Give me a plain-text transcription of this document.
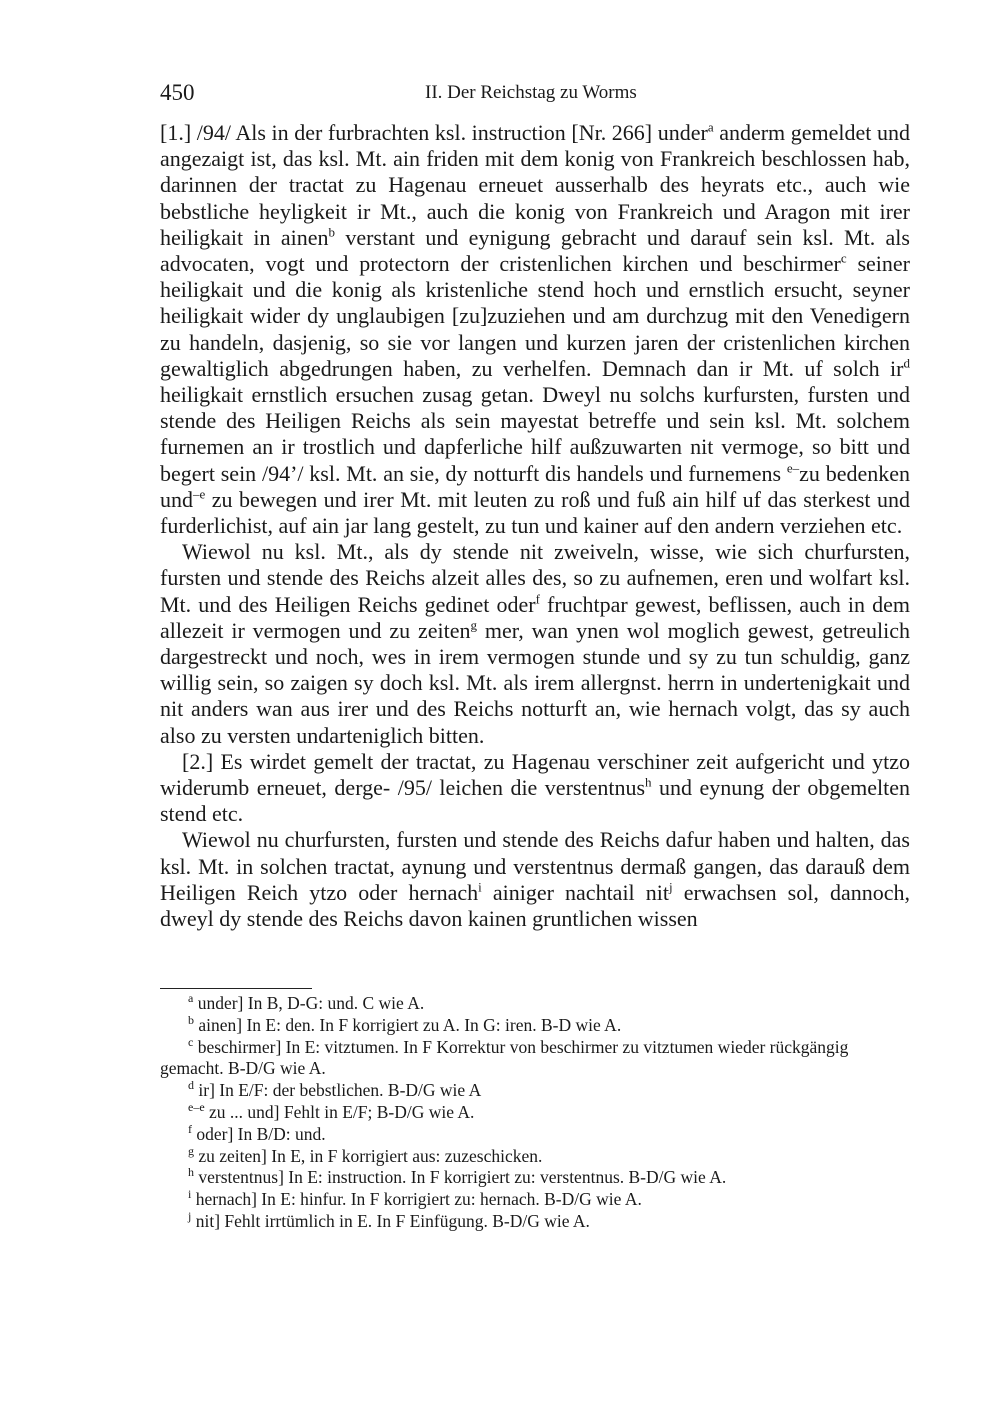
450	II. Der Reichstag zu Worms

[1.] /94/ Als in der furbrachten ksl. instruction [Nr. 266] under$^a$ anderm gemeldet und angezaigt ist, das ksl. Mt. ain friden mit dem konig von Frankreich beschlossen hab, darinnen der tractat zu Hagenau erneuet ausserhalb des heyrats etc., auch wie bebstliche heyligkeit ir Mt., auch die konig von Frankreich und Aragon mit irer heiligkait in ainen$^b$ verstant und eynigung gebracht und darauf sein ksl. Mt. als advocaten, vogt und protectorn der cristenlichen kirchen und beschirmer$^c$ seiner heiligkait und die konig als kristenliche stend hoch und ernstlich ersucht, seyner heiligkait wider dy unglaubigen [zu]zuziehen und am durchzug mit den Venedigern zu handeln, dasjenig, so sie vor langen und kurzen jaren der cristenlichen kirchen gewaltiglich abgedrungen haben, zu verhelfen. Demnach dan ir Mt. uf solch $ir^d$ heiligkait ernstlich ersuchen zusag getan. Dweyl nu solchs kurfursten, fursten und stende des Heiligen Reichs als sein mayestat betreffe und sein ksl. Mt. solchem furnemen an ir trostlich und dapferliche hilf außzuwarten nit vermoge, so bitt und begert sein /94’/ ksl. Mt. an sie, dy notturft dis handels und furnemens $^{e-}$zu bedenken und$^{-e}$ zu bewegen und irer Mt. mit leuten zu roß und fuß ain hilf uf das sterkest und furderlichist, auf ain jar lang gestelt, zu tun und kainer auf den andern verziehen etc.

Wiewol nu ksl. Mt., als dy stende nit zweiveln, wisse, wie sich churfursten, fursten und stende des Reichs alzeit alles des, so zu aufnemen, eren und wolfart ksl. Mt. und des Heiligen Reichs gedinet oder$^f$ fruchtpar gewest, beflissen, auch in dem allezeit ir vermogen und zu zeiten$^g$ mer, wan ynen wol moglich gewest, getreulich dargestreckt und noch, wes in irem vermogen stunde und sy zu tun schuldig, ganz willig sein, so zaigen sy doch ksl. Mt. als irem allergnst. herrn in undertenigkait und nit anders wan aus irer und des Reichs notturft an, wie hernach volgt, das sy auch also zu versten undarteniglich bitten.

[2.] Es wirdet gemelt der tractat, zu Hagenau verschiner zeit aufgericht und ytzo widerumb erneuet, derge- /95/ leichen die verstentnus$^h$ und eynung der obgemelten stend etc.

Wiewol nu churfursten, fursten und stende des Reichs dafur haben und halten, das ksl. Mt. in solchen tractat, aynung und verstentnus dermaß gangen, das darauß dem Heiligen Reich ytzo oder hernach$^i$ ainiger nachtail nit$^j$ erwachsen sol, dannoch, dweyl dy stende des Reichs davon kainen gruntlichen wissen

$^a$ under] In B, D-G: und. C wie A.

$^b$ ainen] In E: den. In F korrigiert zu A. In G: iren. B-D wie A.

$^c$ beschirmer] In E: vitztumen. In F Korrektur von beschirmer zu vitztumen wieder rückgängig gemacht. B-D/G wie A.

$^d$ ir] In E/F: der bebstlichen. B-D/G wie A

$^{e-e}$ zu ... und] Fehlt in E/F; B-D/G wie A.

$^f$ oder] In B/D: und.

$^g$ zu zeiten] In E, in F korrigiert aus: zuzeschicken.

$^h$ verstentnus] In E: instruction. In F korrigiert zu: verstentnus. B-D/G wie A.

$^i$ hernach] In E: hinfur. In F korrigiert zu: hernach. B-D/G wie A.

$^j$ nit] Fehlt irrtümlich in E. In F Einfügung. B-D/G wie A.
